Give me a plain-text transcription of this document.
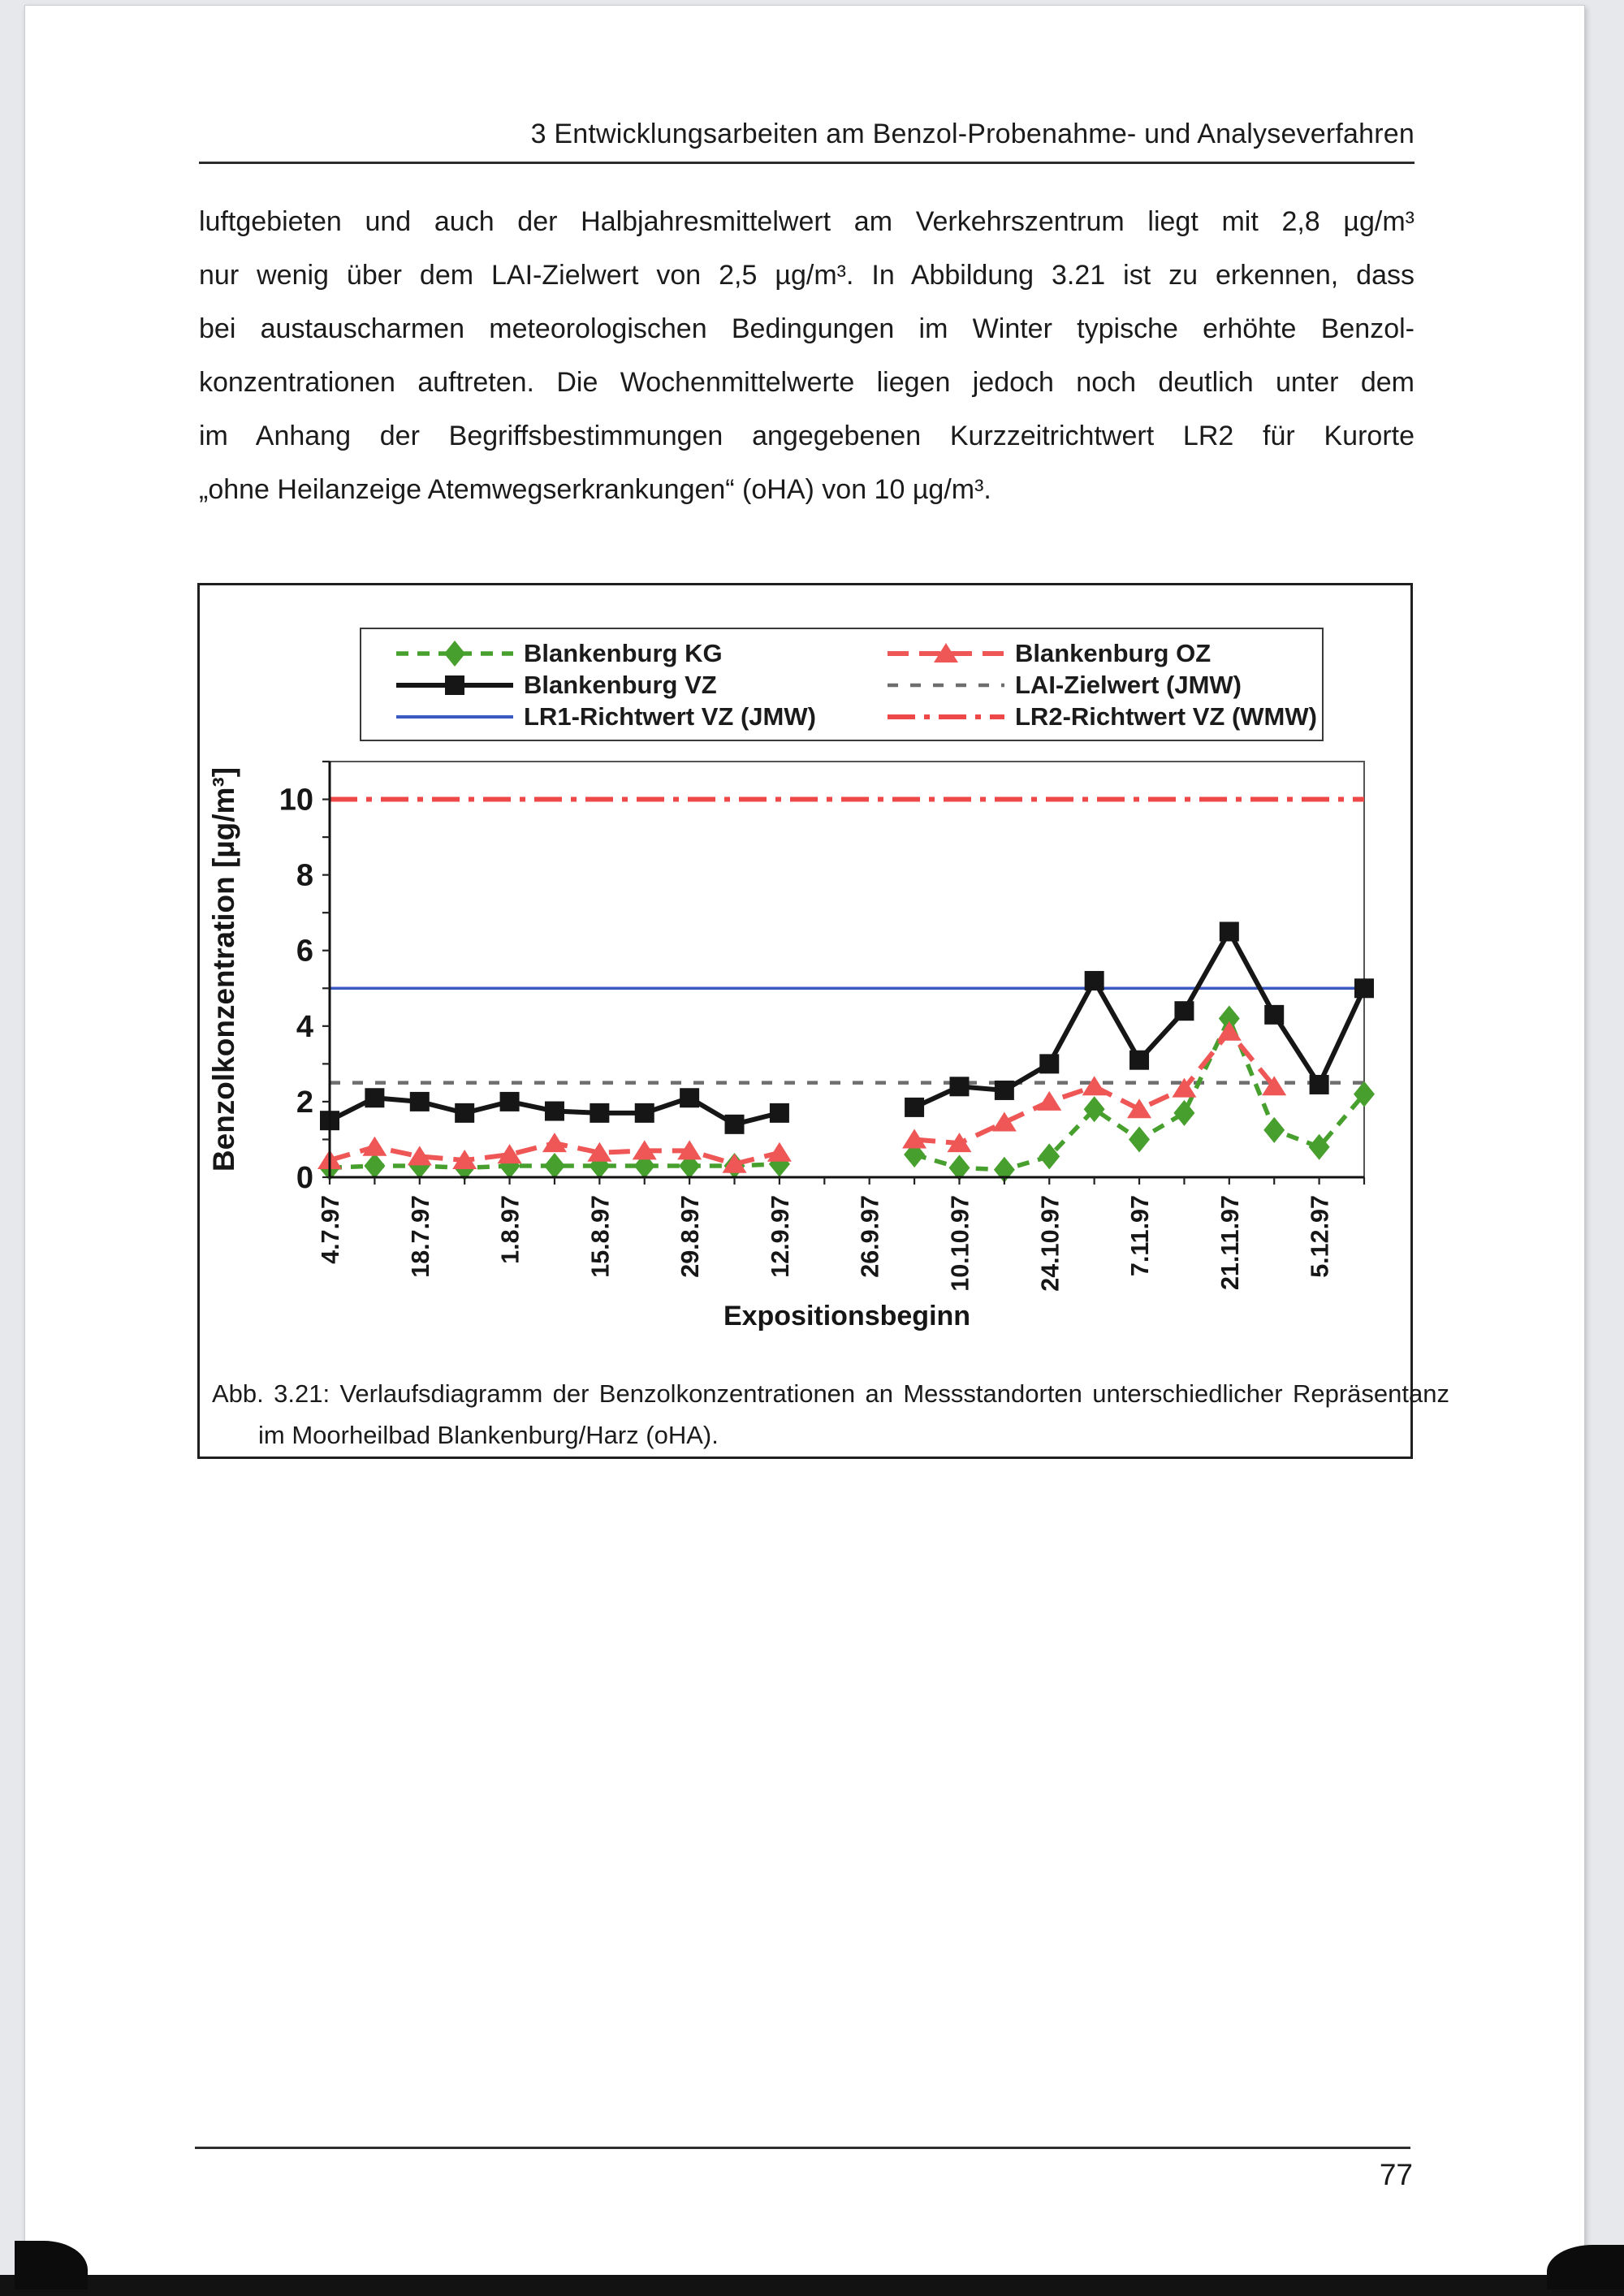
3 Entwicklungsarbeiten am Benzol-Probenahme- und Analyseverfahren
luftgebieten und auch der Halbjahresmittelwert am Verkehrszentrum liegt mit 2,8 µg/m³
nur wenig über dem LAI-Zielwert von 2,5 µg/m³. In Abbildung 3.21 ist zu erkennen, dass
bei austauscharmen meteorologischen Bedingungen im Winter typische erhöhte Benzol-
konzentrationen auftreten. Die Wochenmittelwerte liegen jedoch noch deutlich unter dem
im Anhang der Begriffsbestimmungen angegebenen Kurzzeitrichtwert LR2 für Kurorte
„ohne Heilanzeige Atemwegserkrankungen“ (oHA) von 10 µg/m³.
0
2
4
6
8
10
4.7.97	18.7.97	1.8.97	15.8.97	29.8.97	12.9.97	26.9.97	10.10.97	24.10.97	7.11.97	21.11.97	5.12.97
Expositionsbeginn
Benzolkonzentration [µg/m³]
Blankenburg KG	Blankenburg OZ
Blankenburg VZ	LAI-Zielwert (JMW)
LR1-Richtwert VZ (JMW)	LR2-Richtwert VZ (WMW)
Abb. 3.21: Verlaufsdiagramm der Benzolkonzentrationen an Messstandorten unterschiedlicher Repräsentanz im Moorheilbad Blankenburg/Harz (oHA).
77
